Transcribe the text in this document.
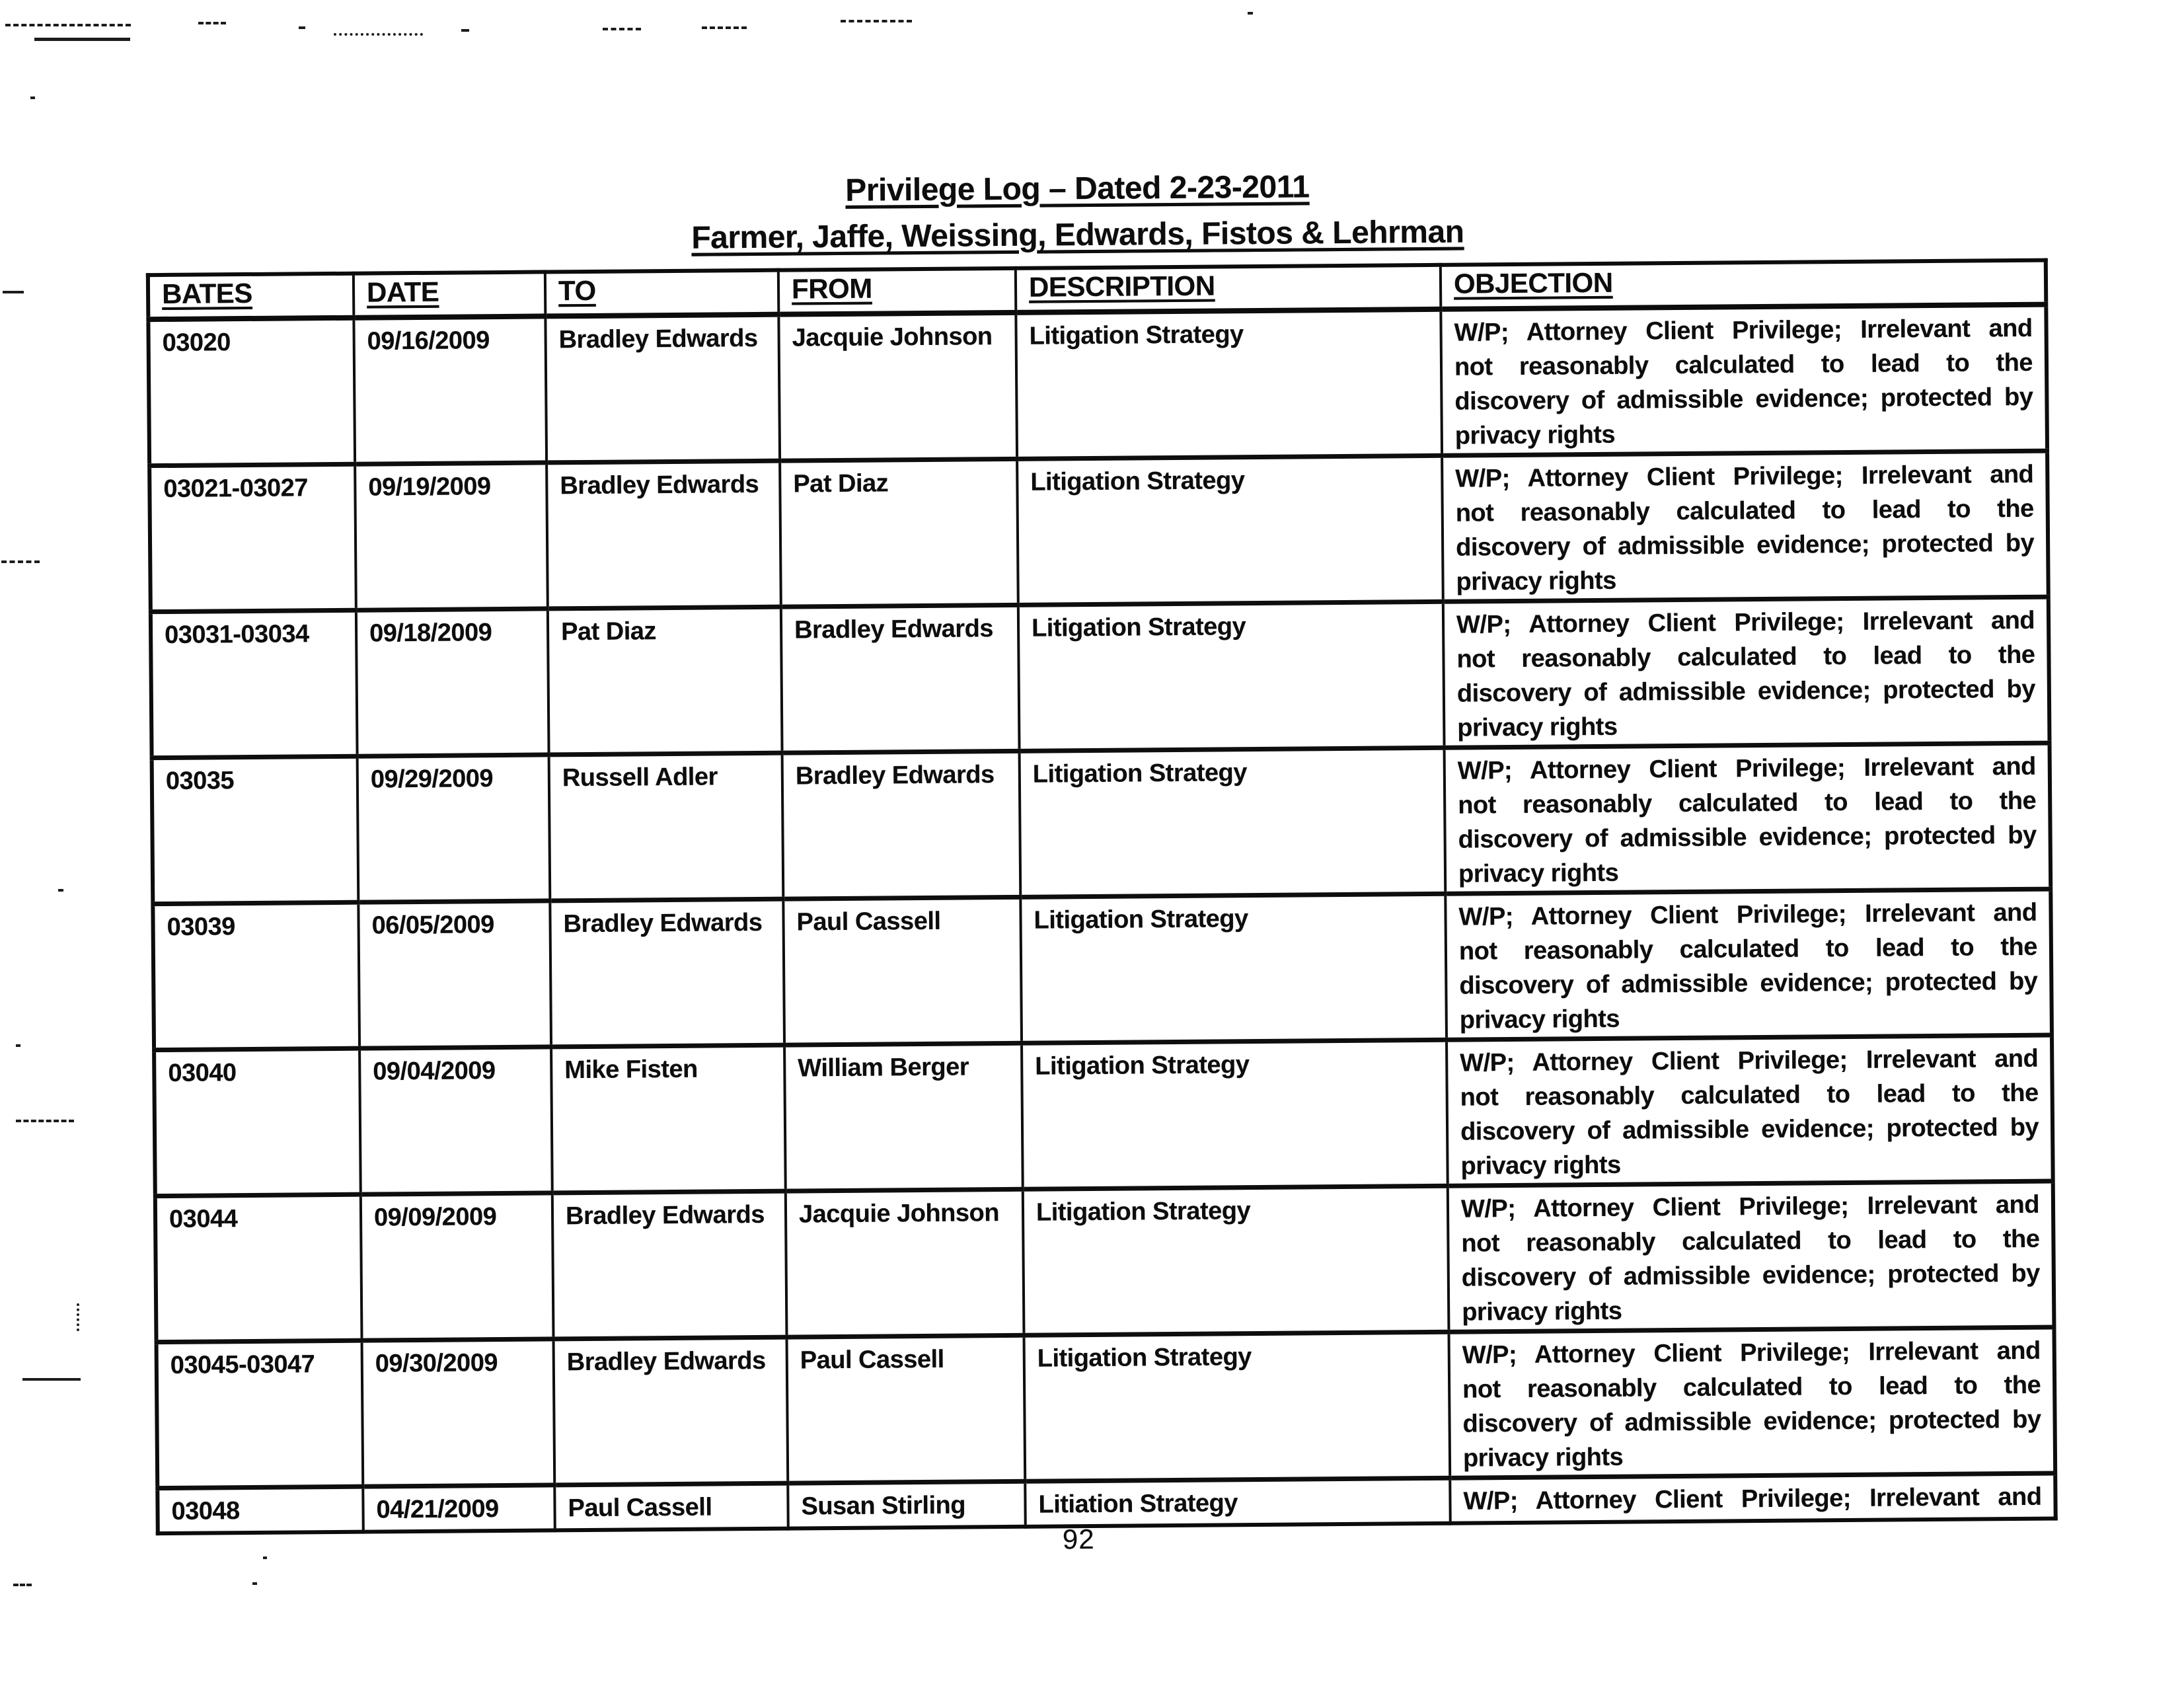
Privilege Log – Dated 2-23-2011
Farmer, Jaffe, Weissing, Edwards, Fistos & Lehrman
BATES	DATE	TO	FROM	DESCRIPTION	OBJECTION
03020	09/16/2009	Bradley Edwards	Jacquie Johnson	Litigation Strategy	W/P; Attorney Client Privilege; Irrelevant and
not reasonably calculated to lead to the
discovery of admissible evidence; protected by
privacy rights

03021-03027	09/19/2009	Bradley Edwards	Pat Diaz	Litigation Strategy	W/P; Attorney Client Privilege; Irrelevant and
not reasonably calculated to lead to the
discovery of admissible evidence; protected by
privacy rights

03031-03034	09/18/2009	Pat Diaz	Bradley Edwards	Litigation Strategy	W/P; Attorney Client Privilege; Irrelevant and
not reasonably calculated to lead to the
discovery of admissible evidence; protected by
privacy rights

03035	09/29/2009	Russell Adler	Bradley Edwards	Litigation Strategy	W/P; Attorney Client Privilege; Irrelevant and
not reasonably calculated to lead to the
discovery of admissible evidence; protected by
privacy rights

03039	06/05/2009	Bradley Edwards	Paul Cassell	Litigation Strategy	W/P; Attorney Client Privilege; Irrelevant and
not reasonably calculated to lead to the
discovery of admissible evidence; protected by
privacy rights

03040	09/04/2009	Mike Fisten	William Berger	Litigation Strategy	W/P; Attorney Client Privilege; Irrelevant and
not reasonably calculated to lead to the
discovery of admissible evidence; protected by
privacy rights

03044	09/09/2009	Bradley Edwards	Jacquie Johnson	Litigation Strategy	W/P; Attorney Client Privilege; Irrelevant and
not reasonably calculated to lead to the
discovery of admissible evidence; protected by
privacy rights

03045-03047	09/30/2009	Bradley Edwards	Paul Cassell	Litigation Strategy	W/P; Attorney Client Privilege; Irrelevant and
not reasonably calculated to lead to the
discovery of admissible evidence; protected by
privacy rights

03048	04/21/2009	Paul Cassell	Susan Stirling	Litiation Strategy	W/P; Attorney Client Privilege; Irrelevant and
92
